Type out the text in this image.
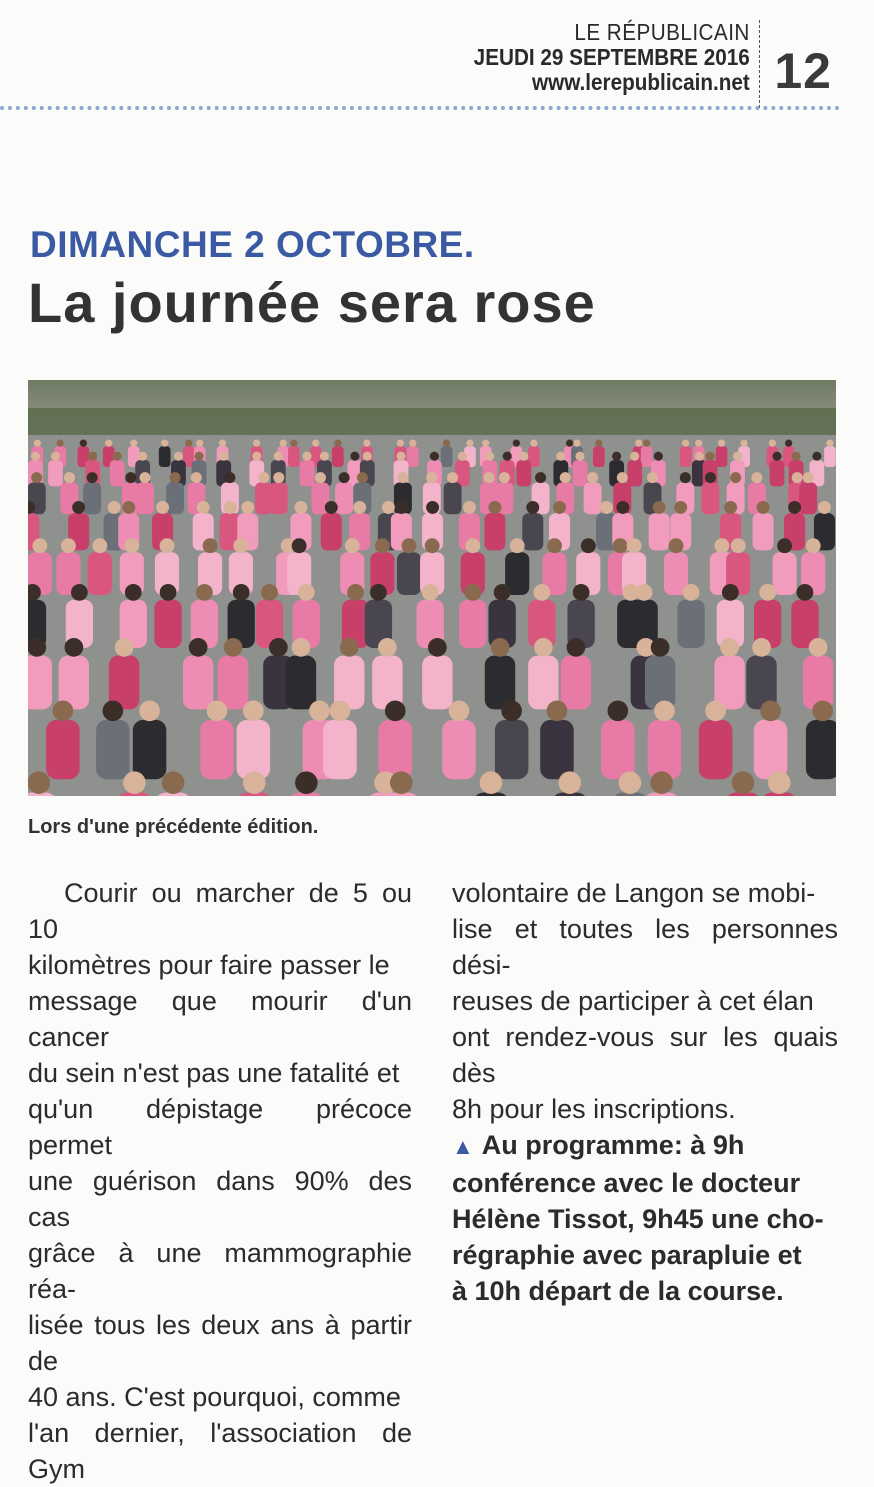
LE RÉPUBLICAIN
JEUDI 29 SEPTEMBRE 2016
www.lerepublicain.net 12
DIMANCHE 2 OCTOBRE.
La journée sera rose
Lors d'une précédente édition.

Courir ou marcher de 5 ou 10
kilomètres pour faire passer le
message que mourir d'un cancer
du sein n'est pas une fatalité et
qu'un dépistage précoce permet
une guérison dans 90% des cas
grâce à une mammographie réa-
lisée tous les deux ans à partir de
40 ans. C'est pourquoi, comme
l'an dernier, l'association de Gym

volontaire de Langon se mobi-
lise et toutes les personnes dési-
reuses de participer à cet élan
ont rendez-vous sur les quais dès
8h pour les inscriptions.

▲ Au programme: à 9h
conférence avec le docteur
Hélène Tissot, 9h45 une cho-
régraphie avec parapluie et
à 10h départ de la course.
